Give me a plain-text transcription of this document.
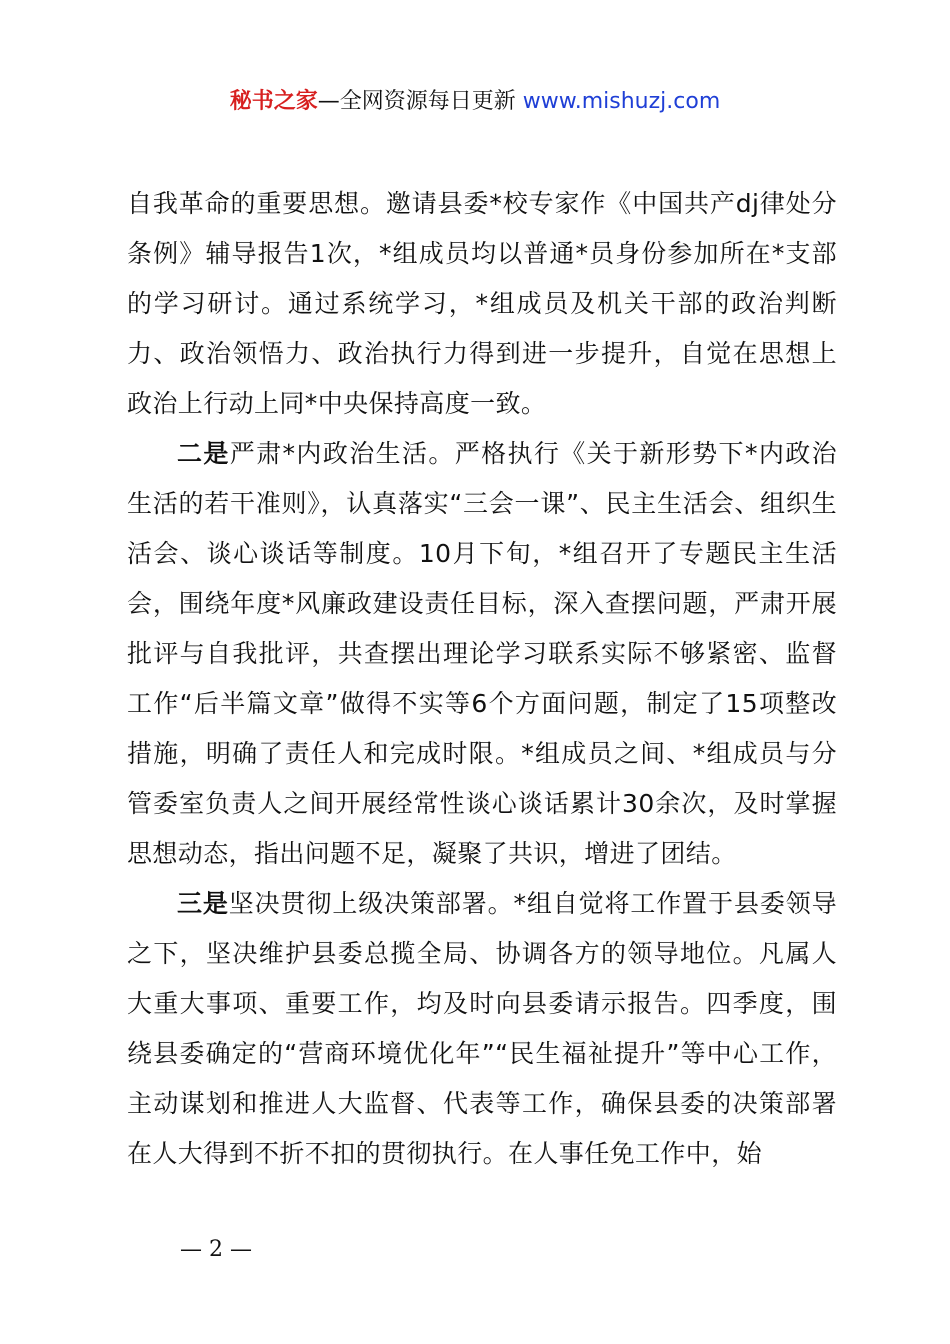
秘书之家—全网资源每日更新 www.mishuzj.com

自我革命的重要思想。邀请县委*校专家作《中国共产dj律处分条例》辅导报告1次，*组成员均以普通*员身份参加所在*支部的学习研讨。通过系统学习，*组成员及机关干部的政治判断力、政治领悟力、政治执行力得到进一步提升，自觉在思想上政治上行动上同*中央保持高度一致。

二是严肃*内政治生活。严格执行《关于新形势下*内政治生活的若干准则》，认真落实“三会一课”、民主生活会、组织生活会、谈心谈话等制度。10月下旬，*组召开了专题民主生活会，围绕年度*风廉政建设责任目标，深入查摆问题，严肃开展批评与自我批评，共查摆出理论学习联系实际不够紧密、监督工作“后半篇文章”做得不实等6个方面问题，制定了15项整改措施，明确了责任人和完成时限。*组成员之间、*组成员与分管委室负责人之间开展经常性谈心谈话累计30余次，及时掌握思想动态，指出问题不足，凝聚了共识，增进了团结。

三是坚决贯彻上级决策部署。*组自觉将工作置于县委领导之下，坚决维护县委总揽全局、协调各方的领导地位。凡属人大重大事项、重要工作，均及时向县委请示报告。四季度，围绕县委确定的“营商环境优化年”“民生福祉提升”等中心工作，主动谋划和推进人大监督、代表等工作，确保县委的决策部署在人大得到不折不扣的贯彻执行。在人事任免工作中，始

— 2 —
